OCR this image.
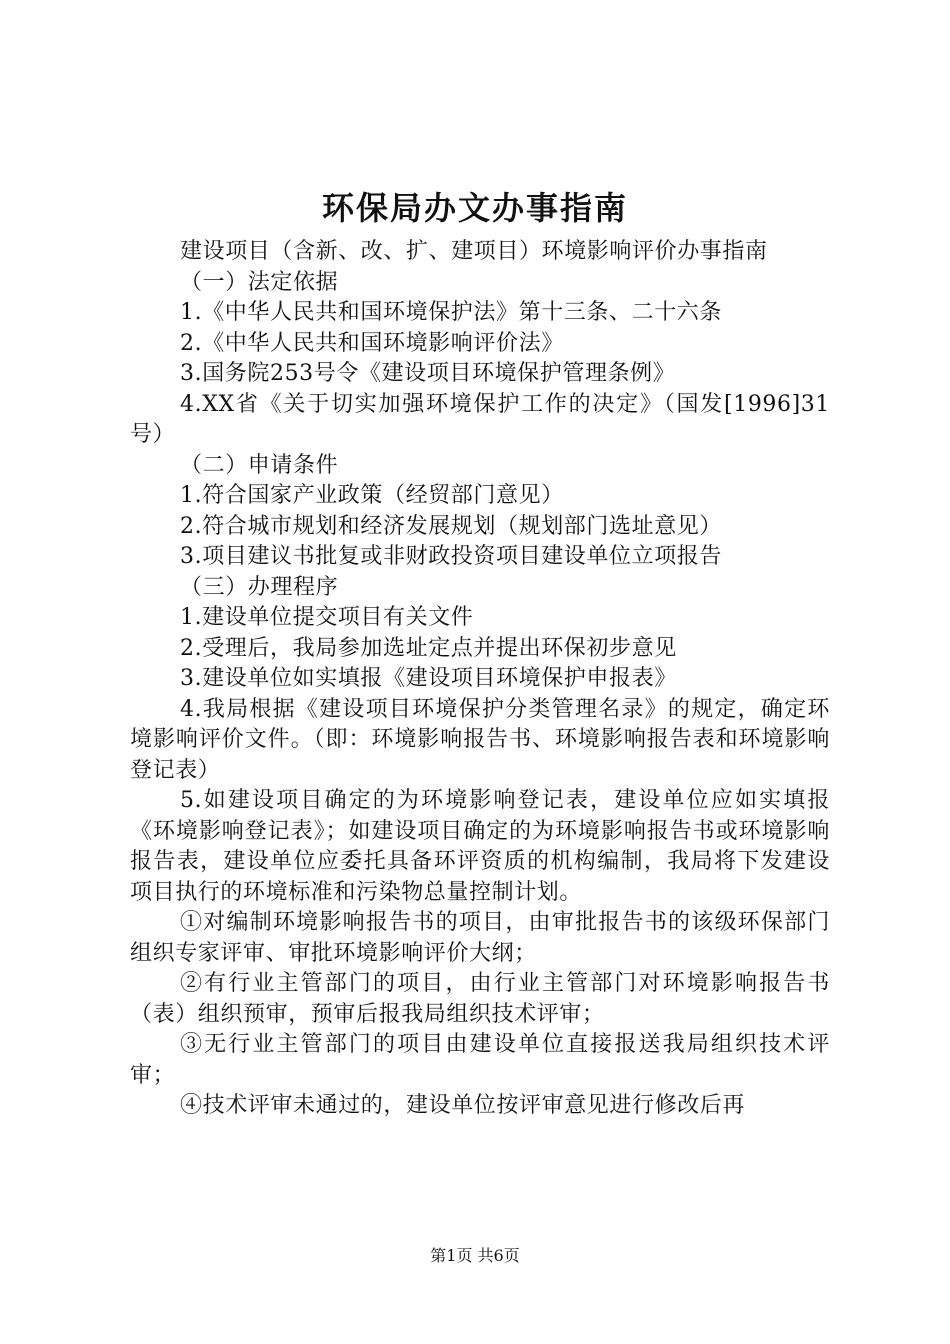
环保局办文办事指南

建设项目（含新、改、扩、建项目）环境影响评价办事指南

（一）法定依据

1.《中华人民共和国环境保护法》第十三条、二十六条

2.《中华人民共和国环境影响评价法》

3.国务院253号令《建设项目环境保护管理条例》

4.XX省《关于切实加强环境保护工作的决定》（国发[1996]31号）

（二）申请条件

1.符合国家产业政策（经贸部门意见）

2.符合城市规划和经济发展规划（规划部门选址意见）

3.项目建议书批复或非财政投资项目建设单位立项报告

（三）办理程序

1.建设单位提交项目有关文件

2.受理后，我局参加选址定点并提出环保初步意见

3.建设单位如实填报《建设项目环境保护申报表》

4.我局根据《建设项目环境保护分类管理名录》的规定，确定环境影响评价文件。（即：环境影响报告书、环境影响报告表和环境影响登记表）

5.如建设项目确定的为环境影响登记表，建设单位应如实填报《环境影响登记表》；如建设项目确定的为环境影响报告书或环境影响报告表，建设单位应委托具备环评资质的机构编制，我局将下发建设项目执行的环境标准和污染物总量控制计划。

①对编制环境影响报告书的项目，由审批报告书的该级环保部门组织专家评审、审批环境影响评价大纲；

②有行业主管部门的项目，由行业主管部门对环境影响报告书（表）组织预审，预审后报我局组织技术评审；

③无行业主管部门的项目由建设单位直接报送我局组织技术评审；

④技术评审未通过的，建设单位按评审意见进行修改后再

第1页 共6页
